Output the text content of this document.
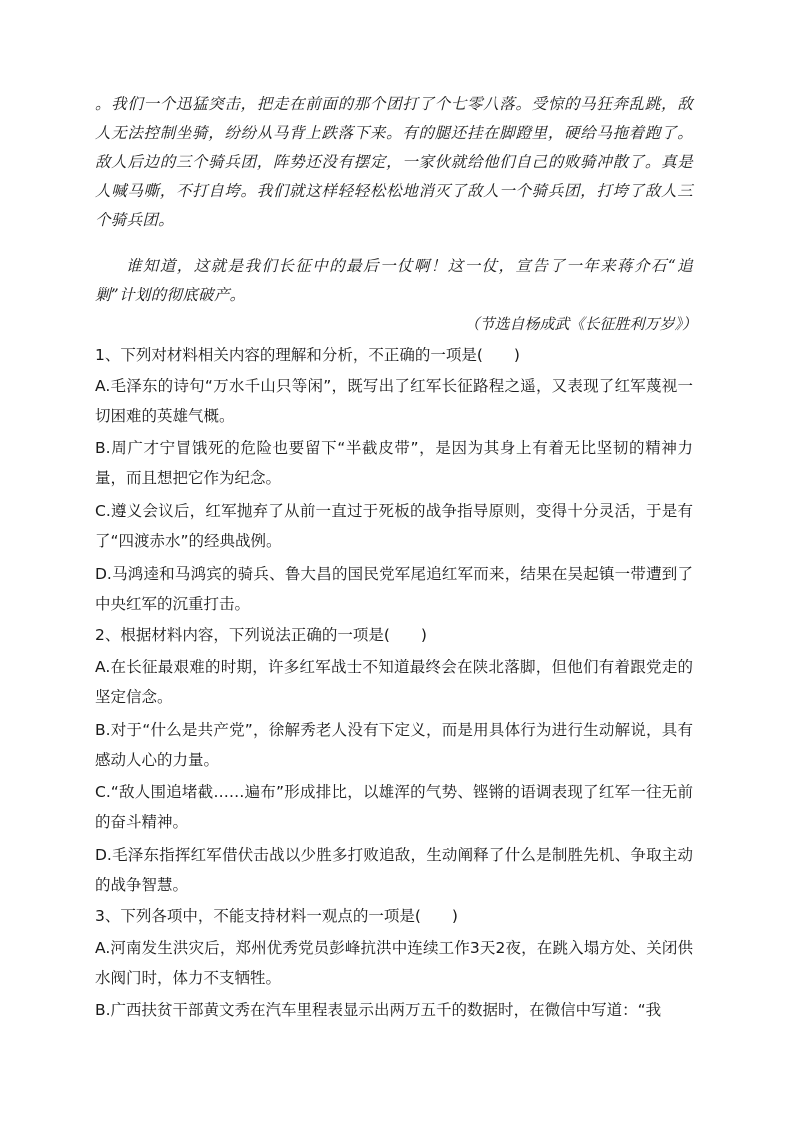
。我们一个迅猛突击，把走在前面的那个团打了个七零八落。受惊的马狂奔乱跳，敌人无法控制坐骑，纷纷从马背上跌落下来。有的腿还挂在脚蹬里，硬给马拖着跑了。敌人后边的三个骑兵团，阵势还没有摆定，一家伙就给他们自己的败骑冲散了。真是人喊马嘶，不打自垮。我们就这样轻轻松松地消灭了敌人一个骑兵团，打垮了敌人三个骑兵团。

谁知道，这就是我们长征中的最后一仗啊！这一仗，宣告了一年来蒋介石“追剿”计划的彻底破产。

（节选自杨成武《长征胜利万岁》）

1、下列对材料相关内容的理解和分析，不正确的一项是(　　)

A.毛泽东的诗句“万水千山只等闲”，既写出了红军长征路程之遥，又表现了红军蔑视一切困难的英雄气概。

B.周广才宁冒饿死的危险也要留下“半截皮带”，是因为其身上有着无比坚韧的精神力量，而且想把它作为纪念。

C.遵义会议后，红军抛弃了从前一直过于死板的战争指导原则，变得十分灵活，于是有了“四渡赤水”的经典战例。

D.马鸿逵和马鸿宾的骑兵、鲁大昌的国民党军尾追红军而来，结果在吴起镇一带遭到了中央红军的沉重打击。

2、根据材料内容，下列说法正确的一项是(　　)

A.在长征最艰难的时期，许多红军战士不知道最终会在陕北落脚，但他们有着跟党走的坚定信念。

B.对于“什么是共产党”，徐解秀老人没有下定义，而是用具体行为进行生动解说，具有感动人心的力量。

C.“敌人围追堵截……遍布”形成排比，以雄浑的气势、铿锵的语调表现了红军一往无前的奋斗精神。

D.毛泽东指挥红军借伏击战以少胜多打败追敌，生动阐释了什么是制胜先机、争取主动的战争智慧。

3、下列各项中，不能支持材料一观点的一项是(　　)

A.河南发生洪灾后，郑州优秀党员彭峰抗洪中连续工作3天2夜，在跳入塌方处、关闭供水阀门时，体力不支牺牲。

B.广西扶贫干部黄文秀在汽车里程表显示出两万五千的数据时，在微信中写道：“我
